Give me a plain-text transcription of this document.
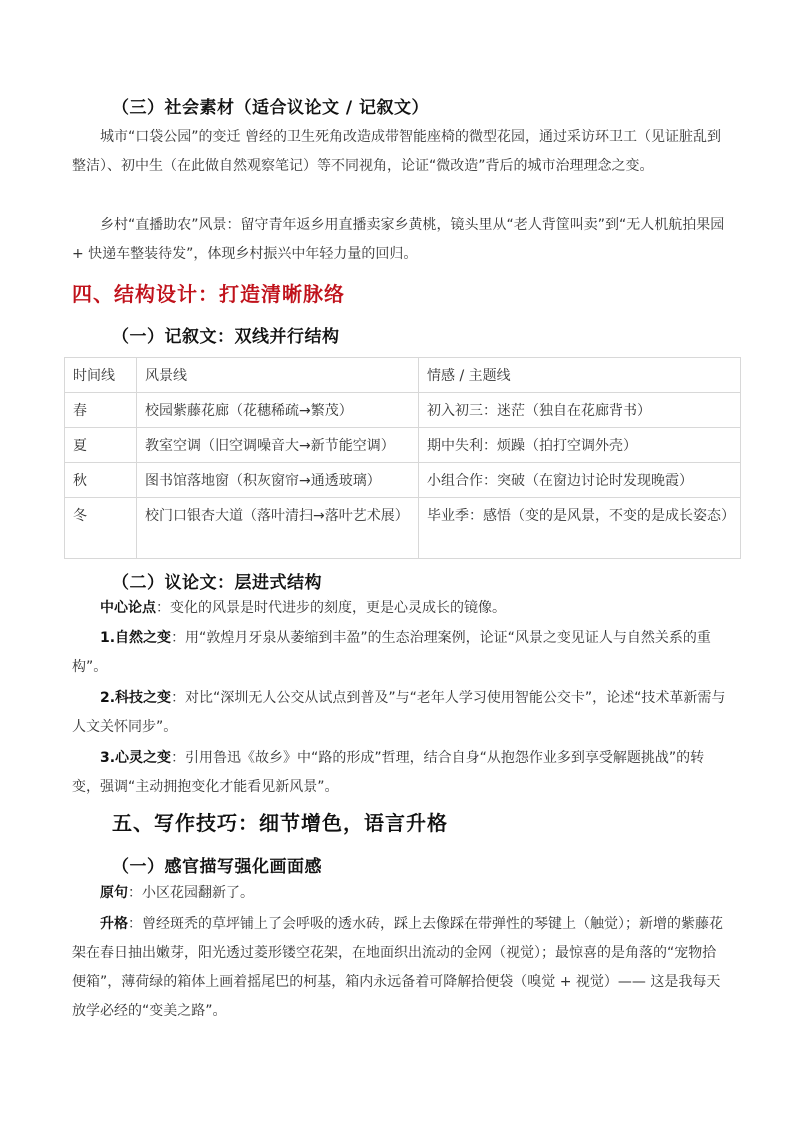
（三）社会素材（适合议论文 / 记叙文）
城市“口袋公园”的变迁 曾经的卫生死角改造成带智能座椅的微型花园，通过采访环卫工（见证脏乱到整洁）、初中生（在此做自然观察笔记）等不同视角，论证“微改造”背后的城市治理理念之变。
乡村“直播助农”风景：留守青年返乡用直播卖家乡黄桃，镜头里从“老人背筐叫卖”到“无人机航拍果园 + 快递车整装待发”，体现乡村振兴中年轻力量的回归。
四、结构设计：打造清晰脉络
（一）记叙文：双线并行结构
时间线	风景线	情感 / 主题线
春	校园紫藤花廊（花穗稀疏→繁茂）	初入初三：迷茫（独自在花廊背书）
夏	教室空调（旧空调噪音大→新节能空调）	期中失利：烦躁（拍打空调外壳）
秋	图书馆落地窗（积灰窗帘→通透玻璃）	小组合作：突破（在窗边讨论时发现晚霞）
冬	校门口银杏大道（落叶清扫→落叶艺术展）	毕业季：感悟（变的是风景，不变的是成长姿态）
（二）议论文：层进式结构
中心论点：变化的风景是时代进步的刻度，更是心灵成长的镜像。
1.自然之变：用“敦煌月牙泉从萎缩到丰盈”的生态治理案例，论证“风景之变见证人与自然关系的重构”。
2.科技之变：对比“深圳无人公交从试点到普及”与“老年人学习使用智能公交卡”，论述“技术革新需与人文关怀同步”。
3.心灵之变：引用鲁迅《故乡》中“路的形成”哲理，结合自身“从抱怨作业多到享受解题挑战”的转变，强调“主动拥抱变化才能看见新风景”。
五、写作技巧：细节增色，语言升格
（一）感官描写强化画面感
原句：小区花园翻新了。
升格：曾经斑秃的草坪铺上了会呼吸的透水砖，踩上去像踩在带弹性的琴键上（触觉）；新增的紫藤花架在春日抽出嫩芽，阳光透过菱形镂空花架，在地面织出流动的金网（视觉）；最惊喜的是角落的“宠物拾便箱”，薄荷绿的箱体上画着摇尾巴的柯基，箱内永远备着可降解拾便袋（嗅觉 + 视觉）—— 这是我每天放学必经的“变美之路”。
